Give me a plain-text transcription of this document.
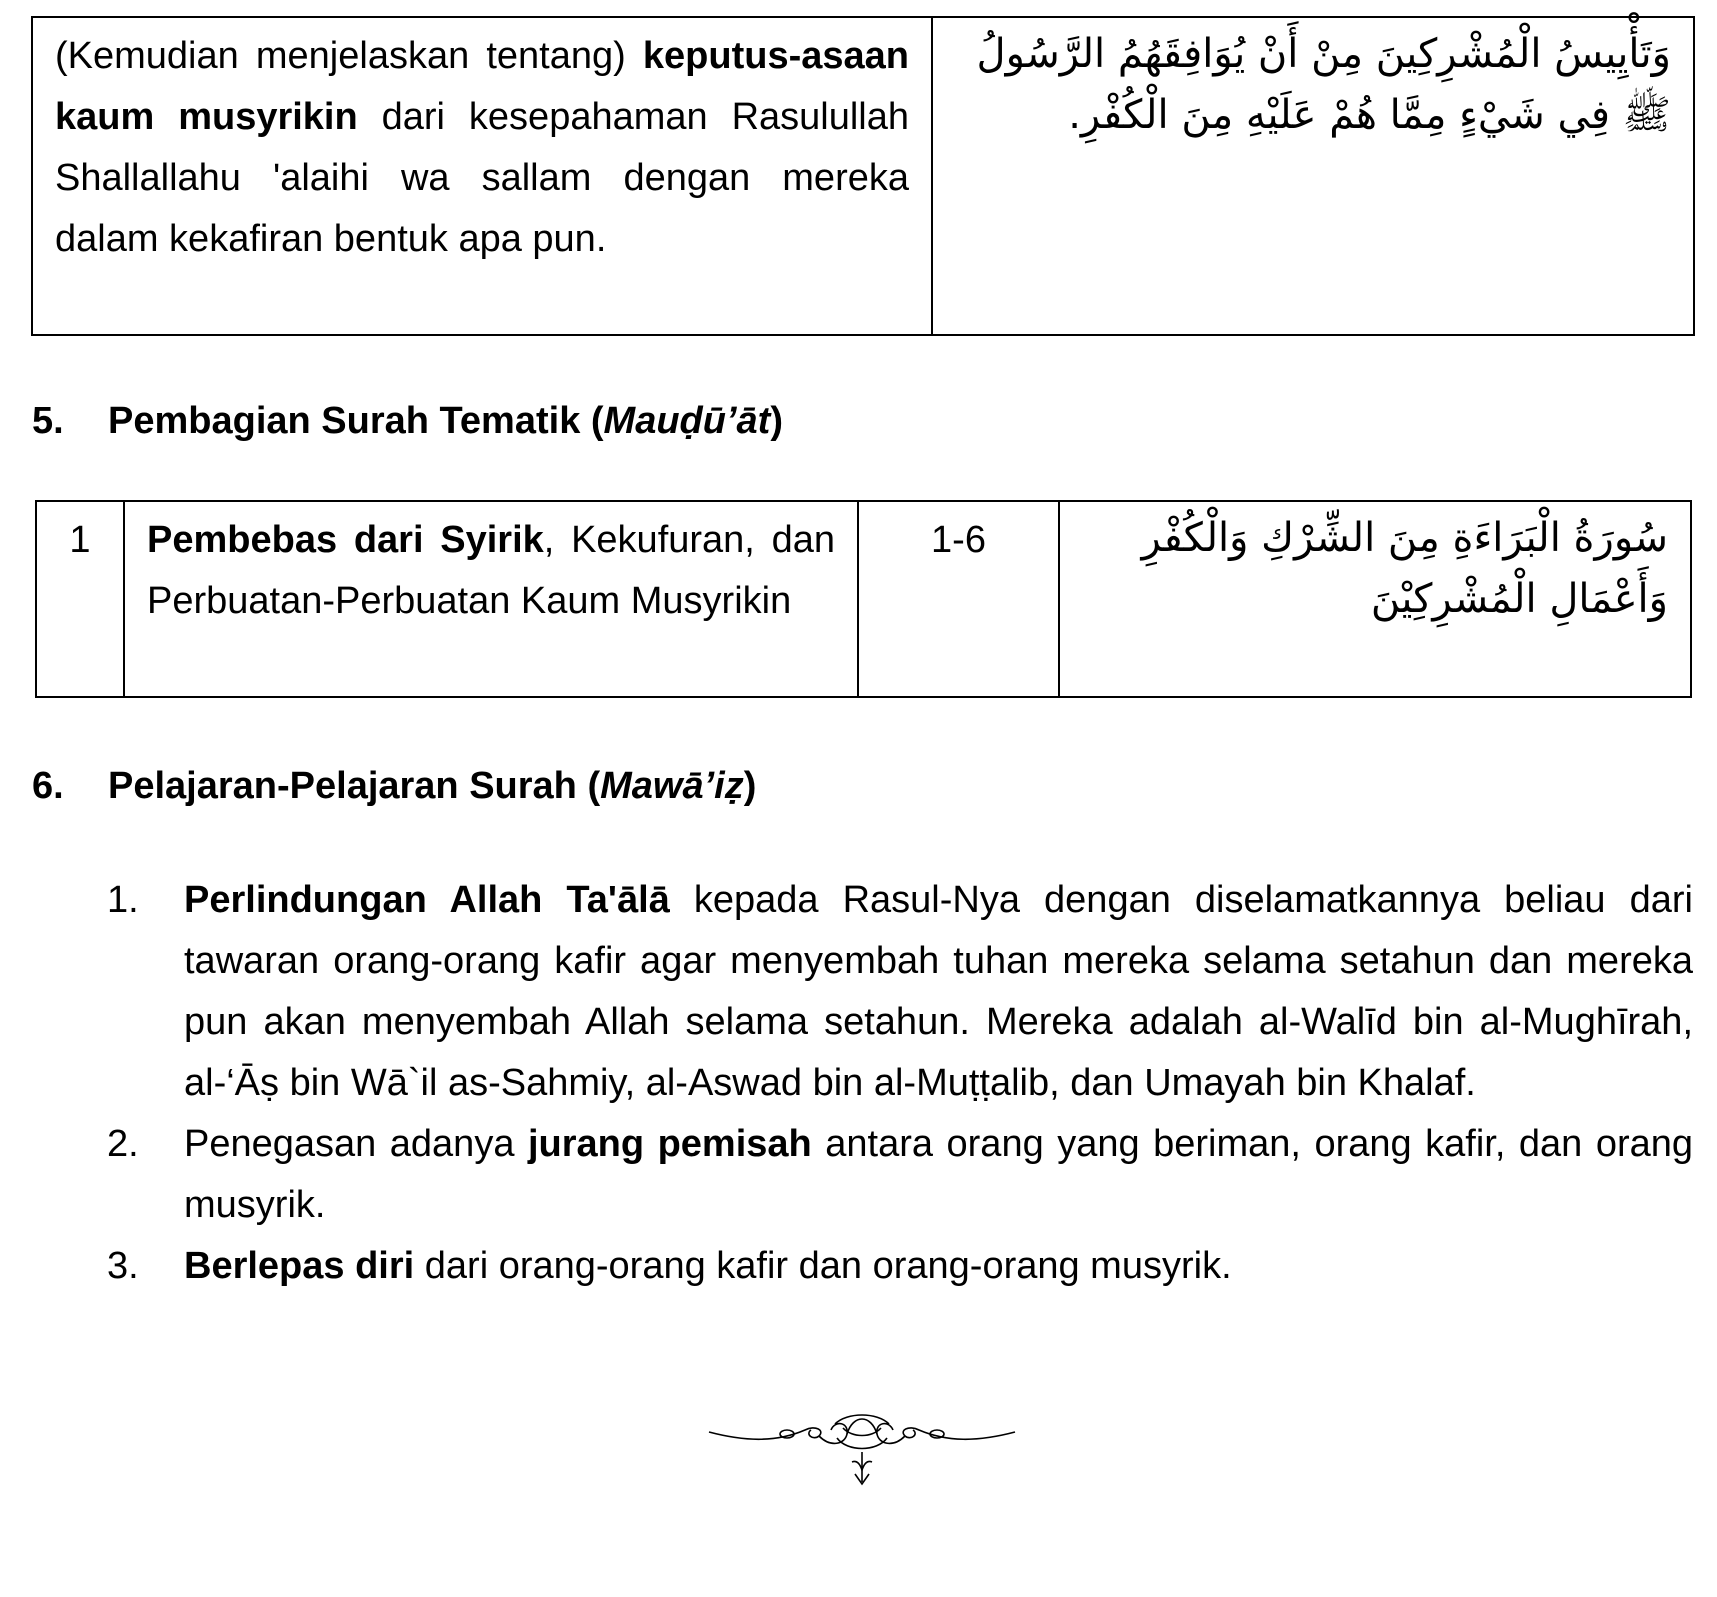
(Kemudian menjelaskan tentang) keputus-asaan kaum musyrikin dari kesepahaman Rasulullah Shallallahu 'alaihi wa sallam dengan mereka dalam kekafiran bentuk apa pun.	وَتَأْيِيسُ الْمُشْرِكِينَ مِنْ أَنْ يُوَافِقَهُمُ الرَّسُولُ ﷺ فِي شَيْءٍ مِمَّا هُمْ عَلَيْهِ مِنَ الْكُفْرِ.
5. Pembagian Surah Tematik (Mauḍū’āt)
1	Pembebas dari Syirik, Kekufuran, dan Perbuatan-Perbuatan Kaum Musyrikin	1-6	سُورَةُ الْبَرَاءَةِ مِنَ الشِّرْكِ وَالْكُفْرِ وَأَعْمَالِ الْمُشْرِكِيْنَ
6. Pelajaran-Pelajaran Surah (Mawā’iẓ)
1. Perlindungan Allah Ta'ālā kepada Rasul-Nya dengan diselamatkannya beliau dari tawaran orang-orang kafir agar menyembah tuhan mereka selama setahun dan mereka pun akan menyembah Allah selama setahun. Mereka adalah al-Walīd bin al-Mughīrah, al-‘Āṣ bin Wā`il as-Sahmiy, al-Aswad bin al-Muṭṭalib, dan Umayah bin Khalaf.
2. Penegasan adanya jurang pemisah antara orang yang beriman, orang kafir, dan orang musyrik.
3. Berlepas diri dari orang-orang kafir dan orang-orang musyrik.
